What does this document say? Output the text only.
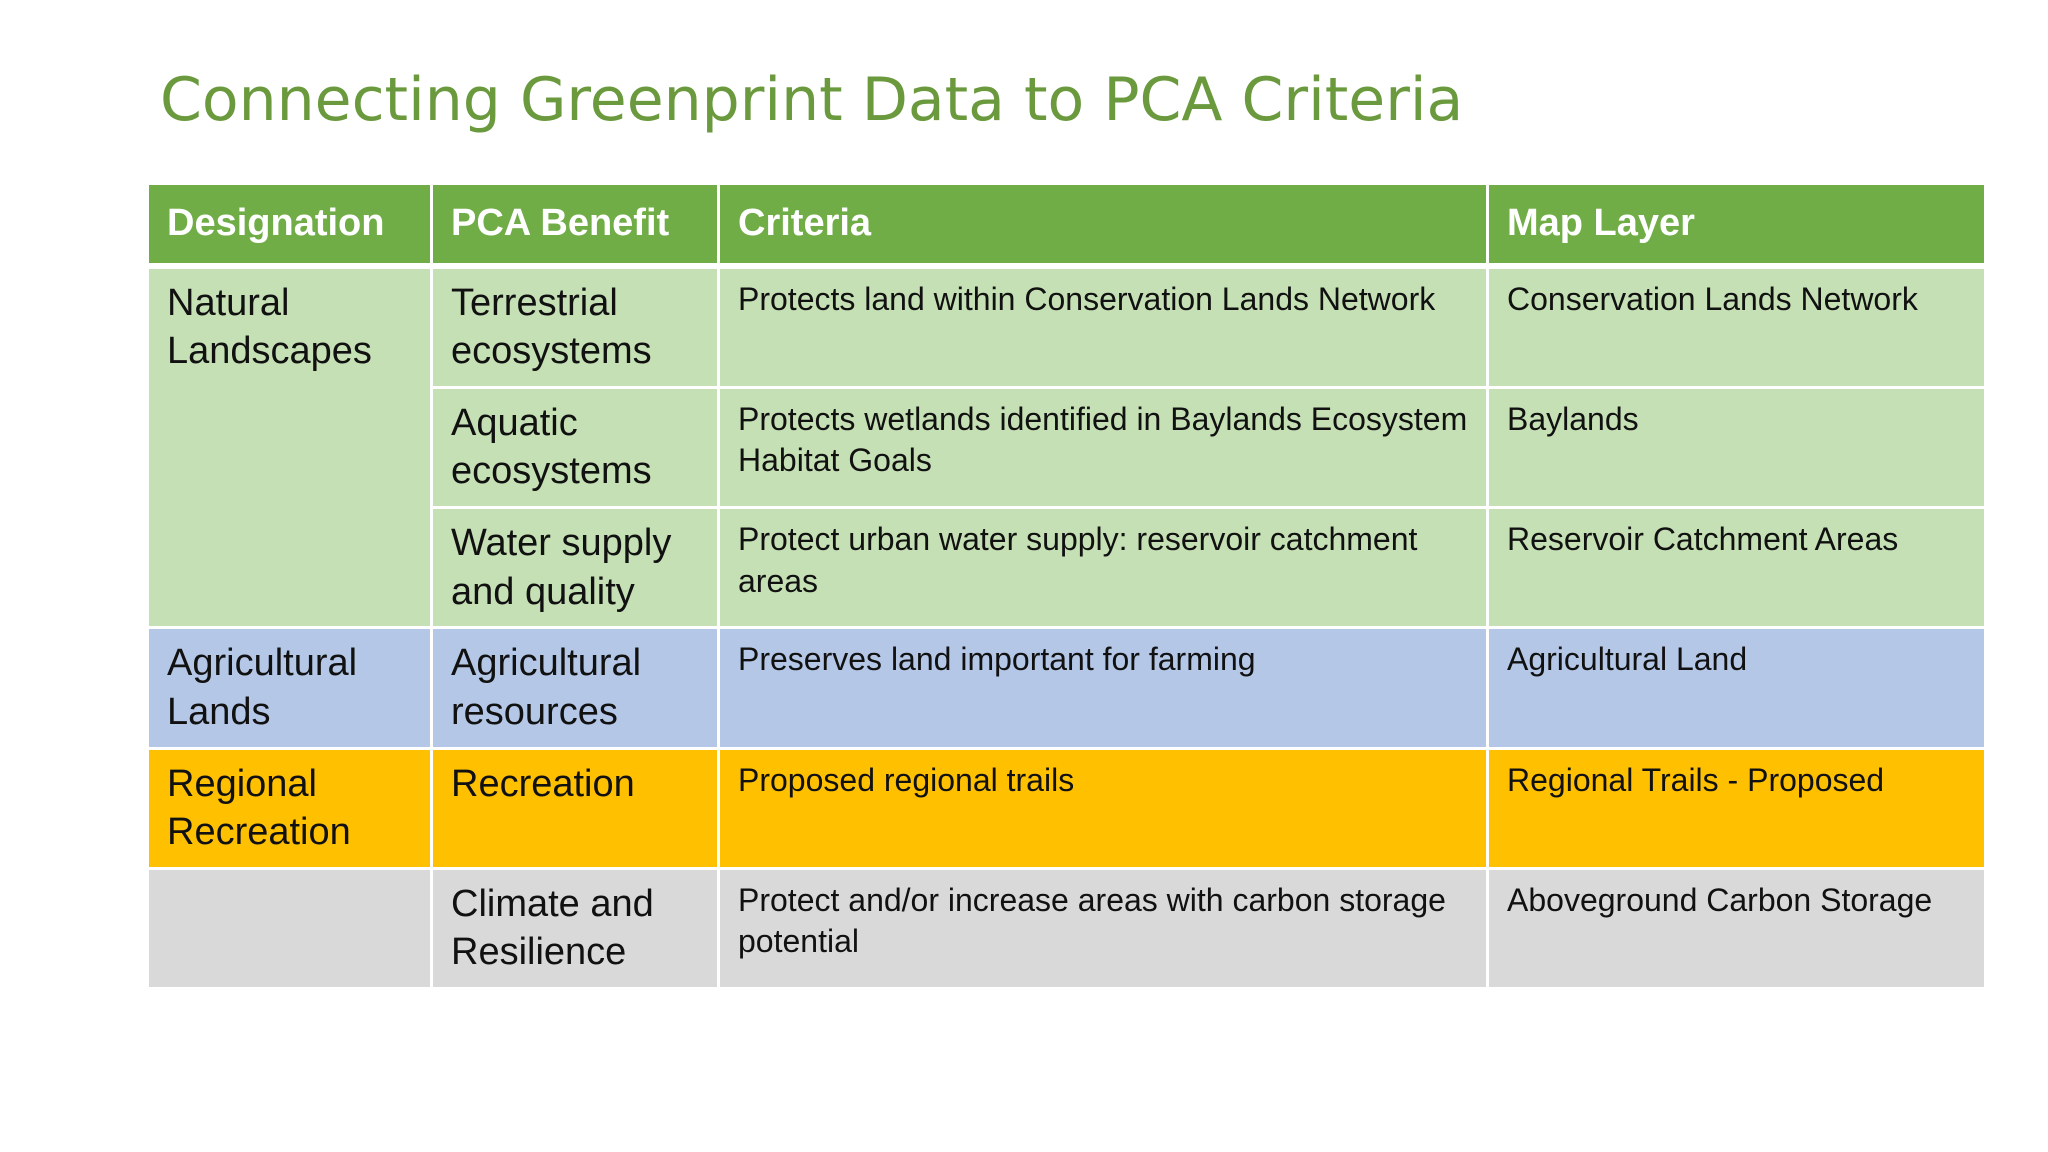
Connecting Greenprint Data to PCA Criteria
Designation	PCA Benefit	Criteria	Map Layer
Natural Landscapes	Terrestrial ecosystems	Protects land within Conservation Lands Network	Conservation Lands Network
	Aquatic ecosystems	Protects wetlands identified in Baylands Ecosystem Habitat Goals	Baylands
	Water supply and quality	Protect urban water supply: reservoir catchment areas	Reservoir Catchment Areas
Agricultural Lands	Agricultural resources	Preserves land important for farming	Agricultural Land
Regional Recreation	Recreation	Proposed regional trails	Regional Trails - Proposed
	Climate and Resilience	Protect and/or increase areas with carbon storage potential	Aboveground Carbon Storage
